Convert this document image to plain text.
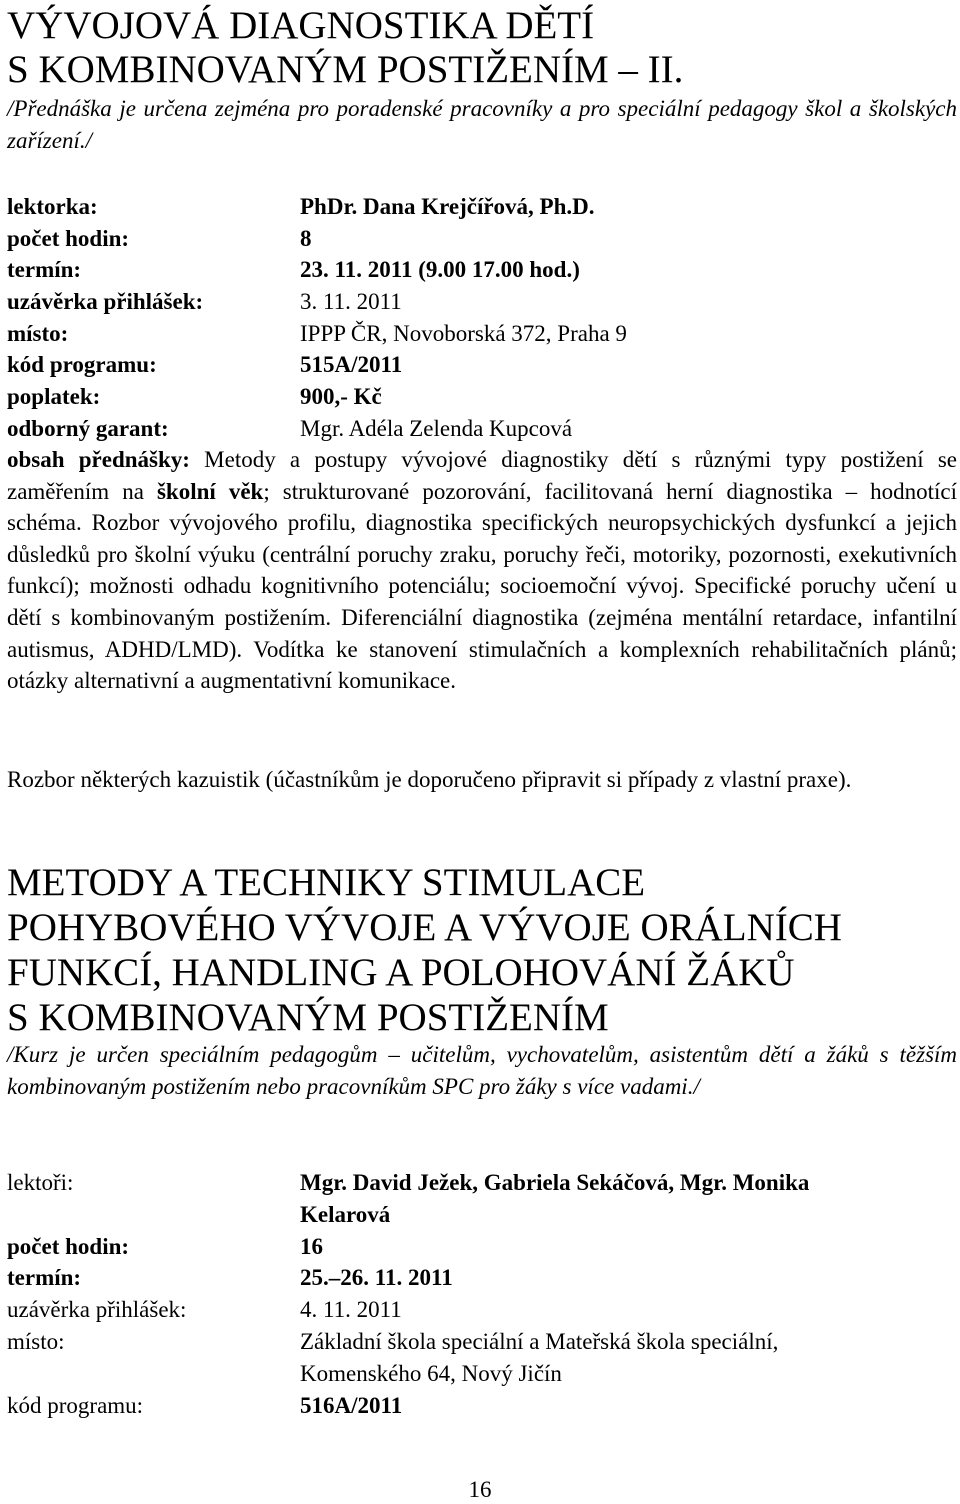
VÝVOJOVÁ DIAGNOSTIKA DĚTÍ
S KOMBINOVANÝM POSTIŽENÍM – II.

/Přednáška je určena zejména pro poradenské pracovníky a pro speciální pedagogy škol a školských zařízení./

lektorka:	PhDr. Dana Krejčířová, Ph.D.
počet hodin:	8
termín:	23. 11. 2011 (9.00 17.00 hod.)
uzávěrka přihlášek:	3. 11. 2011
místo:	IPPP ČR, Novoborská 372, Praha 9
kód programu:	515A/2011
poplatek:	900,- Kč
odborný garant:	Mgr. Adéla Zelenda Kupcová

obsah přednášky: Metody a postupy vývojové diagnostiky dětí s různými typy postižení se zaměřením na školní věk; strukturované pozorování, facilitovaná herní diagnostika – hodnotící schéma. Rozbor vývojového profilu, diagnostika specifických neuropsychických dysfunkcí a jejich důsledků pro školní výuku (centrální poruchy zraku, poruchy řeči, motoriky, pozornosti, exekutivních funkcí); možnosti odhadu kognitivního potenciálu; socioemoční vývoj. Specifické poruchy učení u dětí s kombinovaným postižením. Diferenciální diagnostika (zejména mentální retardace, infantilní autismus, ADHD/LMD). Vodítka ke stanovení stimulačních a komplexních rehabilitačních plánů; otázky alternativní a augmentativní komunikace.

Rozbor některých kazuistik (účastníkům je doporučeno připravit si případy z vlastní praxe).

METODY A TECHNIKY STIMULACE
POHYBOVÉHO VÝVOJE A VÝVOJE ORÁLNÍCH
FUNKCÍ, HANDLING A POLOHOVÁNÍ ŽÁKŮ
S KOMBINOVANÝM POSTIŽENÍM

/Kurz je určen speciálním pedagogům – učitelům, vychovatelům, asistentům dětí a žáků s těžším kombinovaným postižením nebo pracovníkům SPC pro žáky s více vadami./

lektoři:	Mgr. David Ježek, Gabriela Sekáčová, Mgr. Monika
Kelarová
počet hodin:	16
termín:	25.–26. 11. 2011
uzávěrka přihlášek:	4. 11. 2011
místo:	Základní škola speciální a Mateřská škola speciální,
Komenského 64, Nový Jičín
kód programu:	516A/2011
16
